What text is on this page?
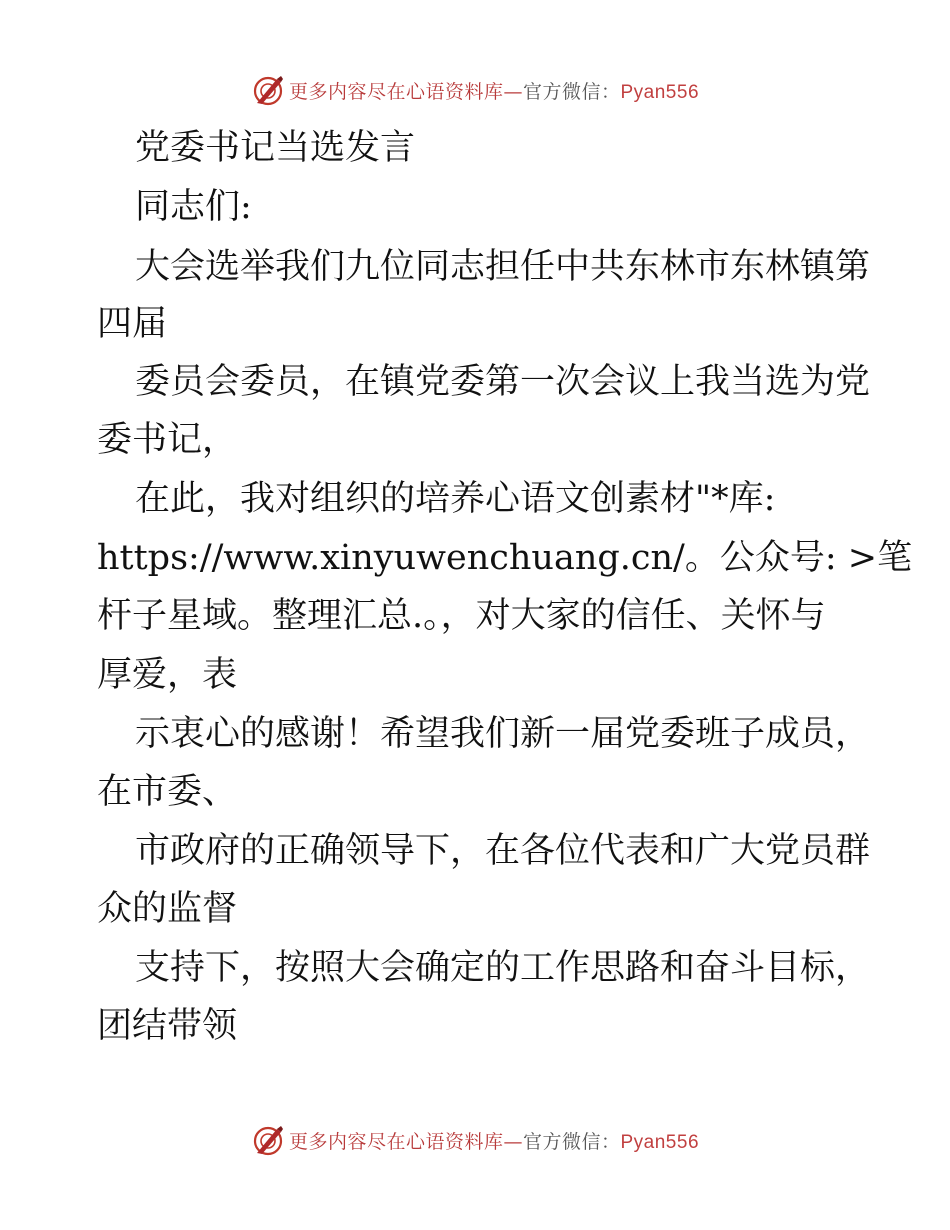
更多内容尽在心语资料库—官方微信：Pyan556
党委书记当选发言
同志们:
大会选举我们九位同志担任中共东林市东林镇第
四届
委员会委员，在镇党委第一次会议上我当选为党
委书记，
在此，我对组织的培养心语文创素材"*库:
https://www.xinyuwenchuang.cn/。公众号: >笔
杆子星域。整理汇总.。，对大家的信任、关怀与
厚爱，表
示衷心的感谢！希望我们新一届党委班子成员，
在市委、
市政府的正确领导下，在各位代表和广大党员群
众的监督
支持下，按照大会确定的工作思路和奋斗目标，
团结带领
更多内容尽在心语资料库—官方微信：Pyan556
